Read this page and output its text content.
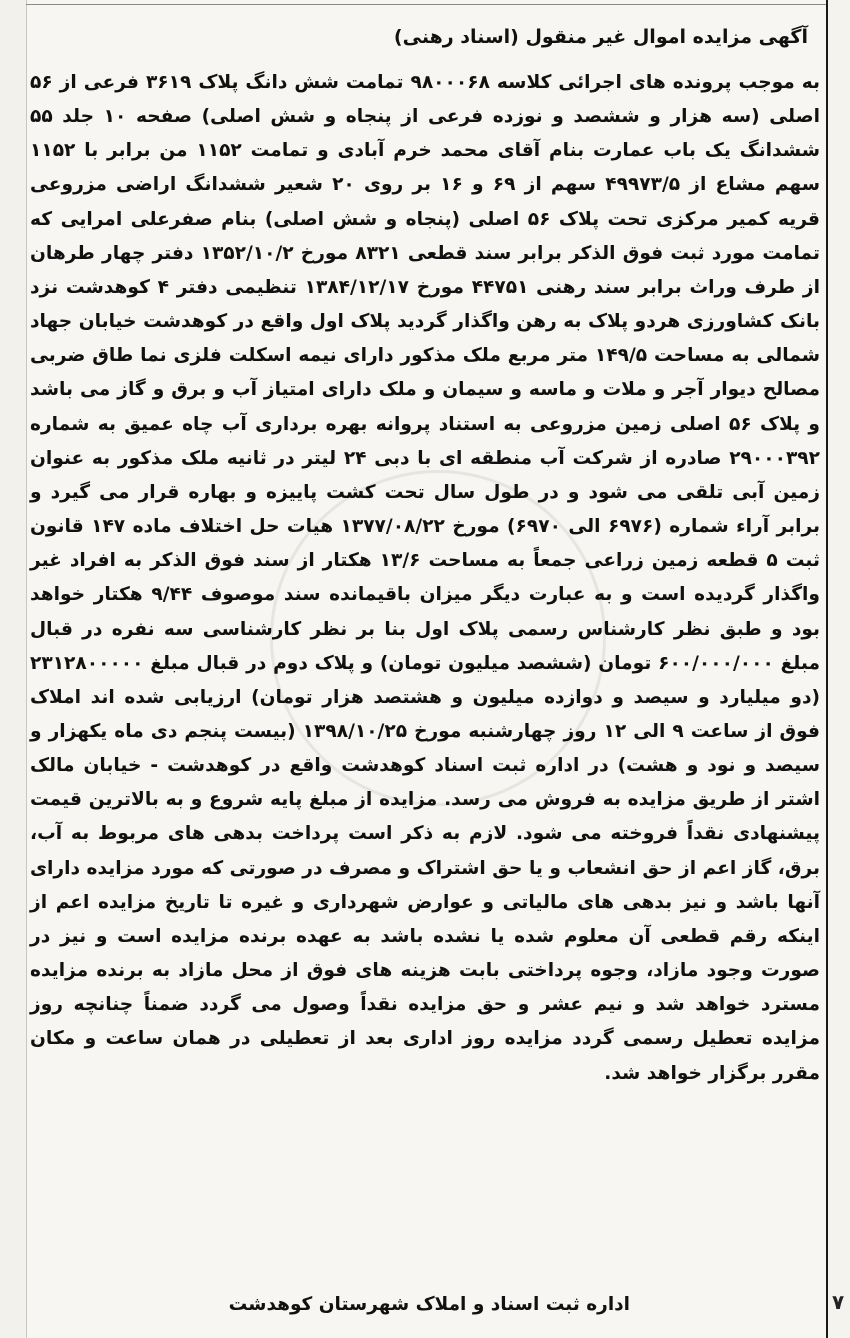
آگهی مزایده اموال غیر منقول (اسناد رهنی)

به موجب پرونده های اجرائی کلاسه ۹۸۰۰۰۶۸ تمامت شش دانگ پلاک ۳۶۱۹ فرعی از ۵۶ اصلی (سه هزار و ششصد و نوزده فرعی از پنجاه و شش اصلی) صفحه ۱۰ جلد ۵۵ ششدانگ یک باب عمارت بنام آقای محمد خرم آبادی و تمامت ۱۱۵۲ من برابر با ۱۱۵۲ سهم مشاع از ۴۹۹۷۳/۵ سهم از ۶۹ و ۱۶ بر روی ۲۰ شعیر ششدانگ اراضی مزروعی قریه کمیر مرکزی تحت پلاک ۵۶ اصلی (پنجاه و شش اصلی) بنام صفرعلی امرایی که تمامت مورد ثبت فوق الذکر برابر سند قطعی ۸۳۲۱ مورخ ۱۳۵۲/۱۰/۲ دفتر چهار طرهان از طرف وراث برابر سند رهنی ۴۴۷۵۱ مورخ ۱۳۸۴/۱۲/۱۷ تنظیمی دفتر ۴ کوهدشت نزد بانک کشاورزی هردو پلاک به رهن واگذار گردید پلاک اول واقع در کوهدشت خیابان جهاد شمالی به مساحت ۱۴۹/۵ متر مربع ملک مذکور دارای نیمه اسکلت فلزی نما طاق ضربی مصالح دیوار آجر و ملات و ماسه و سیمان و ملک دارای امتیاز آب و برق و گاز می باشد و پلاک ۵۶ اصلی زمین مزروعی به استناد پروانه بهره برداری آب چاه عمیق به شماره ۲۹۰۰۰۳۹۲ صادره از شرکت آب منطقه ای با دبی ۲۴ لیتر در ثانیه ملک مذکور به عنوان زمین آبی تلقی می شود و در طول سال تحت کشت پاییزه و بهاره قرار می گیرد و برابر آراء شماره (۶۹۷۶ الی ۶۹۷۰) مورخ ۱۳۷۷/۰۸/۲۲ هیات حل اختلاف ماده ۱۴۷ قانون ثبت ۵ قطعه زمین زراعی جمعاً به مساحت ۱۳/۶ هکتار از سند فوق الذکر به افراد غیر واگذار گردیده است و به عبارت دیگر میزان باقیمانده سند موصوف ۹/۴۴ هکتار خواهد بود و طبق نظر کارشناس رسمی پلاک اول بنا بر نظر کارشناسی سه نفره در قبال مبلغ ۶۰۰/۰۰۰/۰۰۰ تومان (ششصد میلیون تومان) و پلاک دوم در قبال مبلغ ۲۳۱۲۸۰۰۰۰۰ (دو میلیارد و سیصد و دوازده میلیون و هشتصد هزار تومان) ارزیابی شده اند املاک فوق از ساعت ۹ الی ۱۲ روز چهارشنبه مورخ ۱۳۹۸/۱۰/۲۵ (بیست پنجم دی ماه یکهزار و سیصد و نود و هشت) در اداره ثبت اسناد کوهدشت واقع در کوهدشت - خیابان مالک اشتر از طریق مزایده به فروش می رسد. مزایده از مبلغ پایه شروع و به بالاترین قیمت پیشنهادی نقداً فروخته می شود. لازم به ذکر است پرداخت بدهی های مربوط به آب، برق، گاز اعم از حق انشعاب و یا حق اشتراک و مصرف در صورتی که مورد مزایده دارای آنها باشد و نیز بدهی های مالیاتی و عوارض شهرداری و غیره تا تاریخ مزایده اعم از اینکه رقم قطعی آن معلوم شده یا نشده باشد به عهده برنده مزایده است و نیز در صورت وجود مازاد، وجوه پرداختی بابت هزینه های فوق از محل مازاد به برنده مزایده مسترد خواهد شد و نیم عشر و حق مزایده نقداً وصول می گردد ضمناً چنانچه روز مزایده تعطیل رسمی گردد مزایده روز اداری بعد از تعطیلی در همان ساعت و مکان مقرر برگزار خواهد شد.

اداره ثبت اسناد و املاک شهرستان کوهدشت	۷
